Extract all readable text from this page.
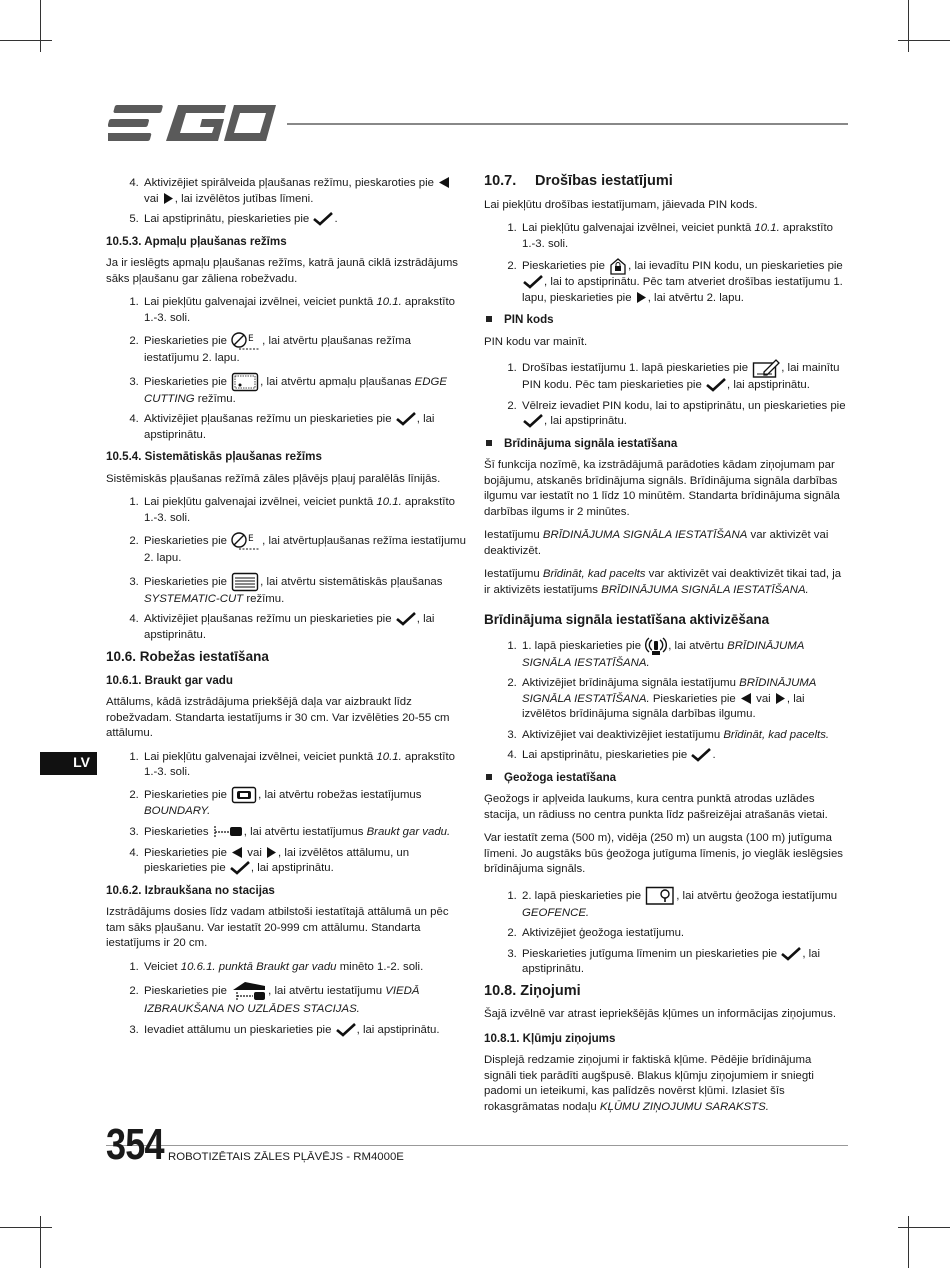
LV
4. Aktivizējiet spirālveida pļaušanas režīmu, pieskaroties pie  vai , lai izvēlētos jutības līmeni.
5. Lai apstiprinātu, pieskarieties pie .
10.5.3. Apmaļu pļaušanas režīms

Ja ir ieslēgts apmaļu pļaušanas režīms, katrā jaunā ciklā izstrādājums sāks pļaušanu gar zāliena robežvadu.

1. Lai piekļūtu galvenajai izvēlnei, veiciet punktā 10.1. aprakstīto 1.-3. soli.
2. Pieskarieties pie E , lai atvērtu pļaušanas režīma iestatījumu 2. lapu.
3. Pieskarieties pie	, lai atvērtu apmaļu pļaušanas EDGE CUTTING režīmu.
4. Aktivizējiet pļaušanas režīmu un pieskarieties pie , lai apstiprinātu.
10.5.4. Sistemātiskās pļaušanas režīms

Sistēmiskās pļaušanas režīmā zāles pļāvējs pļauj paralēlās līnijās.

1. Lai piekļūtu galvenajai izvēlnei, veiciet punktā 10.1. aprakstīto 1.-3. soli.
2. Pieskarieties pie E , lai atvērtupļaušanas režīma iestatījumu 2. lapu.
3. Pieskarieties pie	, lai atvērtu sistemātiskās pļaušanas SYSTEMATIC-CUT režīmu.
4. Aktivizējiet pļaušanas režīmu un pieskarieties pie , lai apstiprinātu.
10.6. Robežas iestatīšana
10.6.1. Braukt gar vadu

Attālums, kādā izstrādājuma priekšējā daļa var aizbraukt līdz robežvadam. Standarta iestatījums ir 30 cm. Var izvēlēties 20-55 cm attālumu.

1. Lai piekļūtu galvenajai izvēlnei, veiciet punktā 10.1. aprakstīto 1.-3. soli.
2. Pieskarieties pie	, lai atvērtu robežas iestatījumus BOUNDARY.
3. Pieskarieties	, lai atvērtu iestatījumus Braukt gar vadu.
4. Pieskarieties pie vai , lai izvēlētos attālumu, un pieskarieties pie , lai apstiprinātu.
10.6.2. Izbraukšana no stacijas

Izstrādājums dosies līdz vadam atbilstoši iestatītajā attālumā un pēc tam sāks pļaušanu. Var iestatīt 20-999 cm attālumu. Standarta iestatījums ir 20 cm.

1. Veiciet 10.6.1. punktā Braukt gar vadu minēto 1.-2. soli.
2. Pieskarieties pie	, lai atvērtu iestatījumu VIEDĀ IZBRAUKŠANA NO UZLĀDES STACIJAS.
3. Ievadiet attālumu un pieskarieties pie , lai apstiprinātu.
10.7. Drošības iestatījumi

Lai piekļūtu drošības iestatījumam, jāievada PIN kods.

1. Lai piekļūtu galvenajai izvēlnei, veiciet punktā 10.1. aprakstīto 1.-3. soli.
2. Pieskarieties pie , lai ievadītu PIN kodu, un pieskarieties pie , lai to apstiprinātu. Pēc tam atveriet drošības iestatījumu 1. lapu, pieskarieties pie , lai atvērtu 2. lapu.
PIN kods

PIN kodu var mainīt.

1. Drošības iestatījumu 1. lapā pieskarieties pie	, lai mainītu PIN kodu. Pēc tam pieskarieties pie , lai apstiprinātu.
2. Vēlreiz ievadiet PIN kodu, lai to apstiprinātu, un pieskarieties pie , lai apstiprinātu.
Brīdinājuma signāla iestatīšana

Šī funkcija nozīmē, ka izstrādājumā parādoties kādam ziņojumam par bojājumu, atskanēs brīdinājuma signāls. Brīdinājuma signāla darbības ilgumu var iestatīt no 1 līdz 10 minūtēm. Standarta brīdinājuma signāla darbības ilgums ir 2 minūtes.

Iestatījumu BRĪDINĀJUMA SIGNĀLA IESTATĪŠANA var aktivizēt vai deaktivizēt.

Iestatījumu Brīdināt, kad pacelts var aktivizēt vai deaktivizēt tikai tad, ja ir aktivizēts iestatījums BRĪDINĀJUMA SIGNĀLA IESTATĪŠANA.

Brīdinājuma signāla iestatīšana aktivizēšana
1. 1. lapā pieskarieties pie , lai atvērtu BRĪDINĀJUMA SIGNĀLA IESTATĪŠANA.
2. Aktivizējiet brīdinājuma signāla iestatījumu BRĪDINĀJUMA SIGNĀLA IESTATĪŠANA. Pieskarieties pie vai , lai izvēlētos brīdinājuma signāla darbības ilgumu.
3. Aktivizējiet vai deaktivizējiet iestatījumu Brīdināt, kad pacelts.
4. Lai apstiprinātu, pieskarieties pie .
Ģeožoga iestatīšana

Ģeožogs ir apļveida laukums, kura centra punktā atrodas uzlādes stacija, un rādiuss no centra punkta līdz pašreizējai atrašanās vietai.

Var iestatīt zema (500 m), vidēja (250 m) un augsta (100 m) jutīguma līmeni. Jo augstāks būs ģeožoga jutīguma līmenis, jo vieglāk ieslēgsies brīdinājuma signāls.

1. 2. lapā pieskarieties pie	, lai atvērtu ģeožoga iestatījumu GEOFENCE.
2. Aktivizējiet ģeožoga iestatījumu.
3. Pieskarieties jutīguma līmenim un pieskarieties pie , lai apstiprinātu.
10.8. Ziņojumi

Šajā izvēlnē var atrast iepriekšējās kļūmes un informācijas ziņojumus.

10.8.1. Kļūmju ziņojums

Displejā redzamie ziņojumi ir faktiskā kļūme. Pēdējie brīdinājuma signāli tiek parādīti augšpusē. Blakus kļūmju ziņojumiem ir sniegti padomi un ieteikumi, kas palīdzēs novērst kļūmi. Izlasiet šīs rokasgrāmatas nodaļu KĻŪMU ZIŅOJUMU SARAKSTS.

354 ROBOTIZĒTAIS ZĀLES PĻĀVĒJS - RM4000E
